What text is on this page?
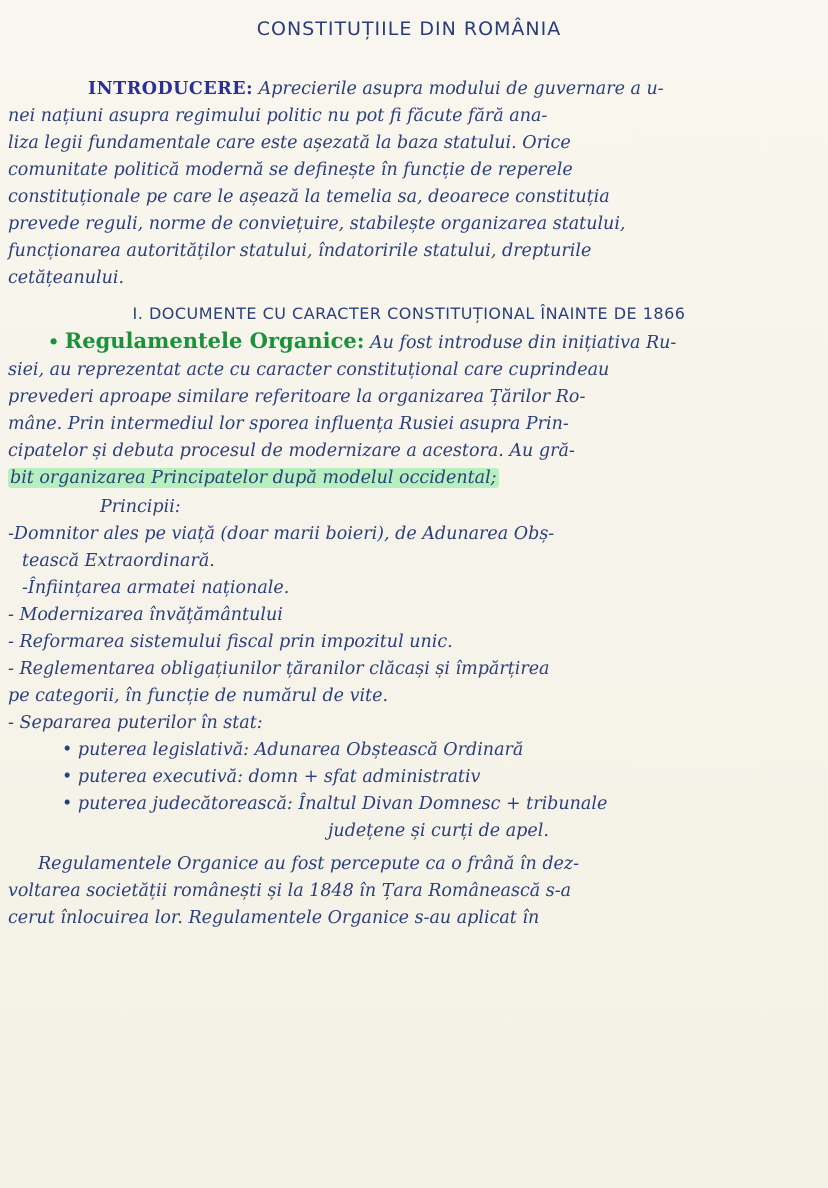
CONSTITUȚIILE DIN ROMÂNIA

INTRODUCERE: Aprecierile asupra modului de guvernare a u-

nei națiuni asupra regimului politic nu pot fi făcute fără ana-

liza legii fundamentale care este așezată la baza statului. Orice

comunitate politică modernă se definește în funcție de reperele

constituționale pe care le așează la temelia sa, deoarece constituția

prevede reguli, norme de conviețuire, stabilește organizarea statului,

funcționarea autorităților statului, îndatoririle statului, drepturile

cetățeanului.

I. DOCUMENTE CU CARACTER CONSTITUȚIONAL ÎNAINTE DE 1866

• Regulamentele Organice: Au fost introduse din inițiativa Ru-

siei, au reprezentat acte cu caracter constituțional care cuprindeau

prevederi aproape similare referitoare la organizarea Țărilor Ro-

mâne. Prin intermediul lor sporea influența Rusiei asupra Prin-

cipatelor și debuta procesul de modernizare a acestora. Au gră-

bit organizarea Principatelor după modelul occidental;

Principii:

-Domnitor ales pe viață (doar marii boieri), de Adunarea Obș-

tească Extraordinară.

-Înființarea armatei naționale.

- Modernizarea învățământului

- Reformarea sistemului fiscal prin impozitul unic.

- Reglementarea obligațiunilor țăranilor clăcași și împărțirea

pe categorii, în funcție de numărul de vite.

- Separarea puterilor în stat:

• puterea legislativă: Adunarea Obștească Ordinară

• puterea executivă: domn + sfat administrativ

• puterea judecătorească: Înaltul Divan Domnesc + tribunale

județene și curți de apel.

Regulamentele Organice au fost percepute ca o frână în dez-

voltarea societății românești și la 1848 în Țara Românească s-a

cerut înlocuirea lor. Regulamentele Organice s-au aplicat în
